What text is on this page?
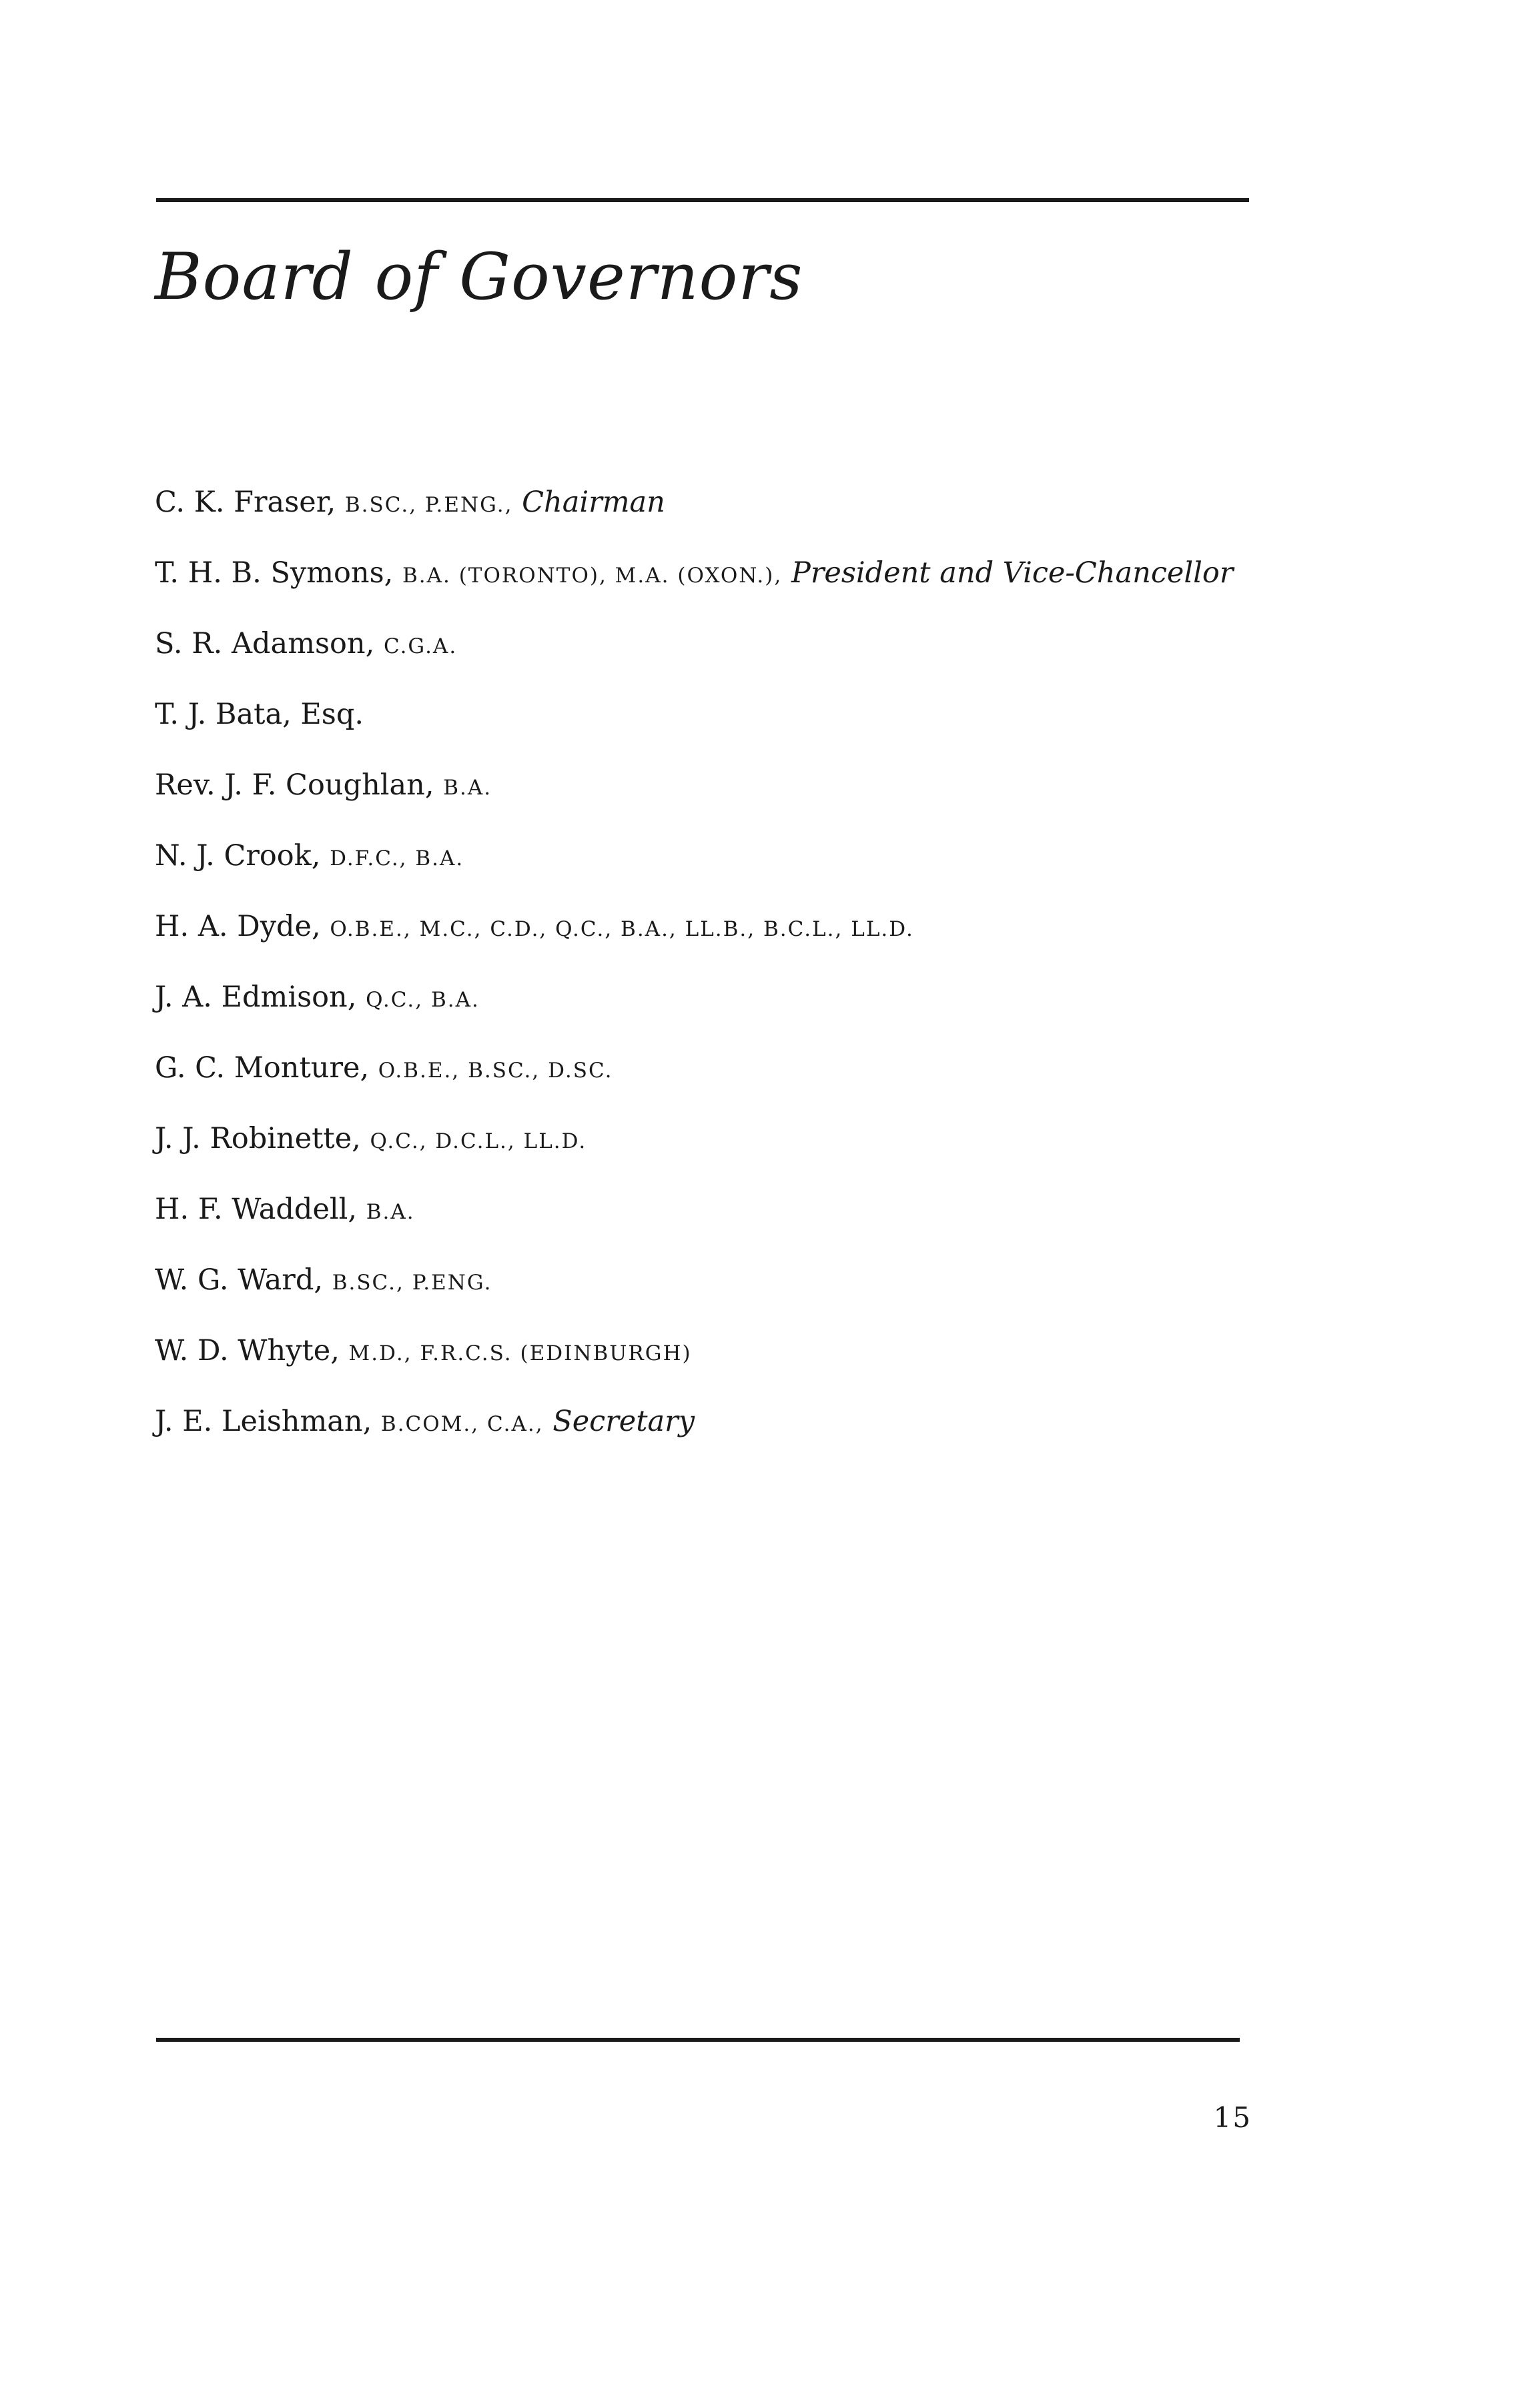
Board of Governors
C. K. Fraser, B.SC., P.ENG., Chairman
T. H. B. Symons, B.A. (TORONTO), M.A. (OXON.), President and Vice-Chancellor
S. R. Adamson, C.G.A.
T. J. Bata, Esq.
Rev. J. F. Coughlan, B.A.
N. J. Crook, D.F.C., B.A.
H. A. Dyde, O.B.E., M.C., C.D., Q.C., B.A., LL.B., B.C.L., LL.D.
J. A. Edmison, Q.C., B.A.
G. C. Monture, O.B.E., B.SC., D.SC.
J. J. Robinette, Q.C., D.C.L., LL.D.
H. F. Waddell, B.A.
W. G. Ward, B.SC., P.ENG.
W. D. Whyte, M.D., F.R.C.S. (EDINBURGH)
J. E. Leishman, B.COM., C.A., Secretary
15
